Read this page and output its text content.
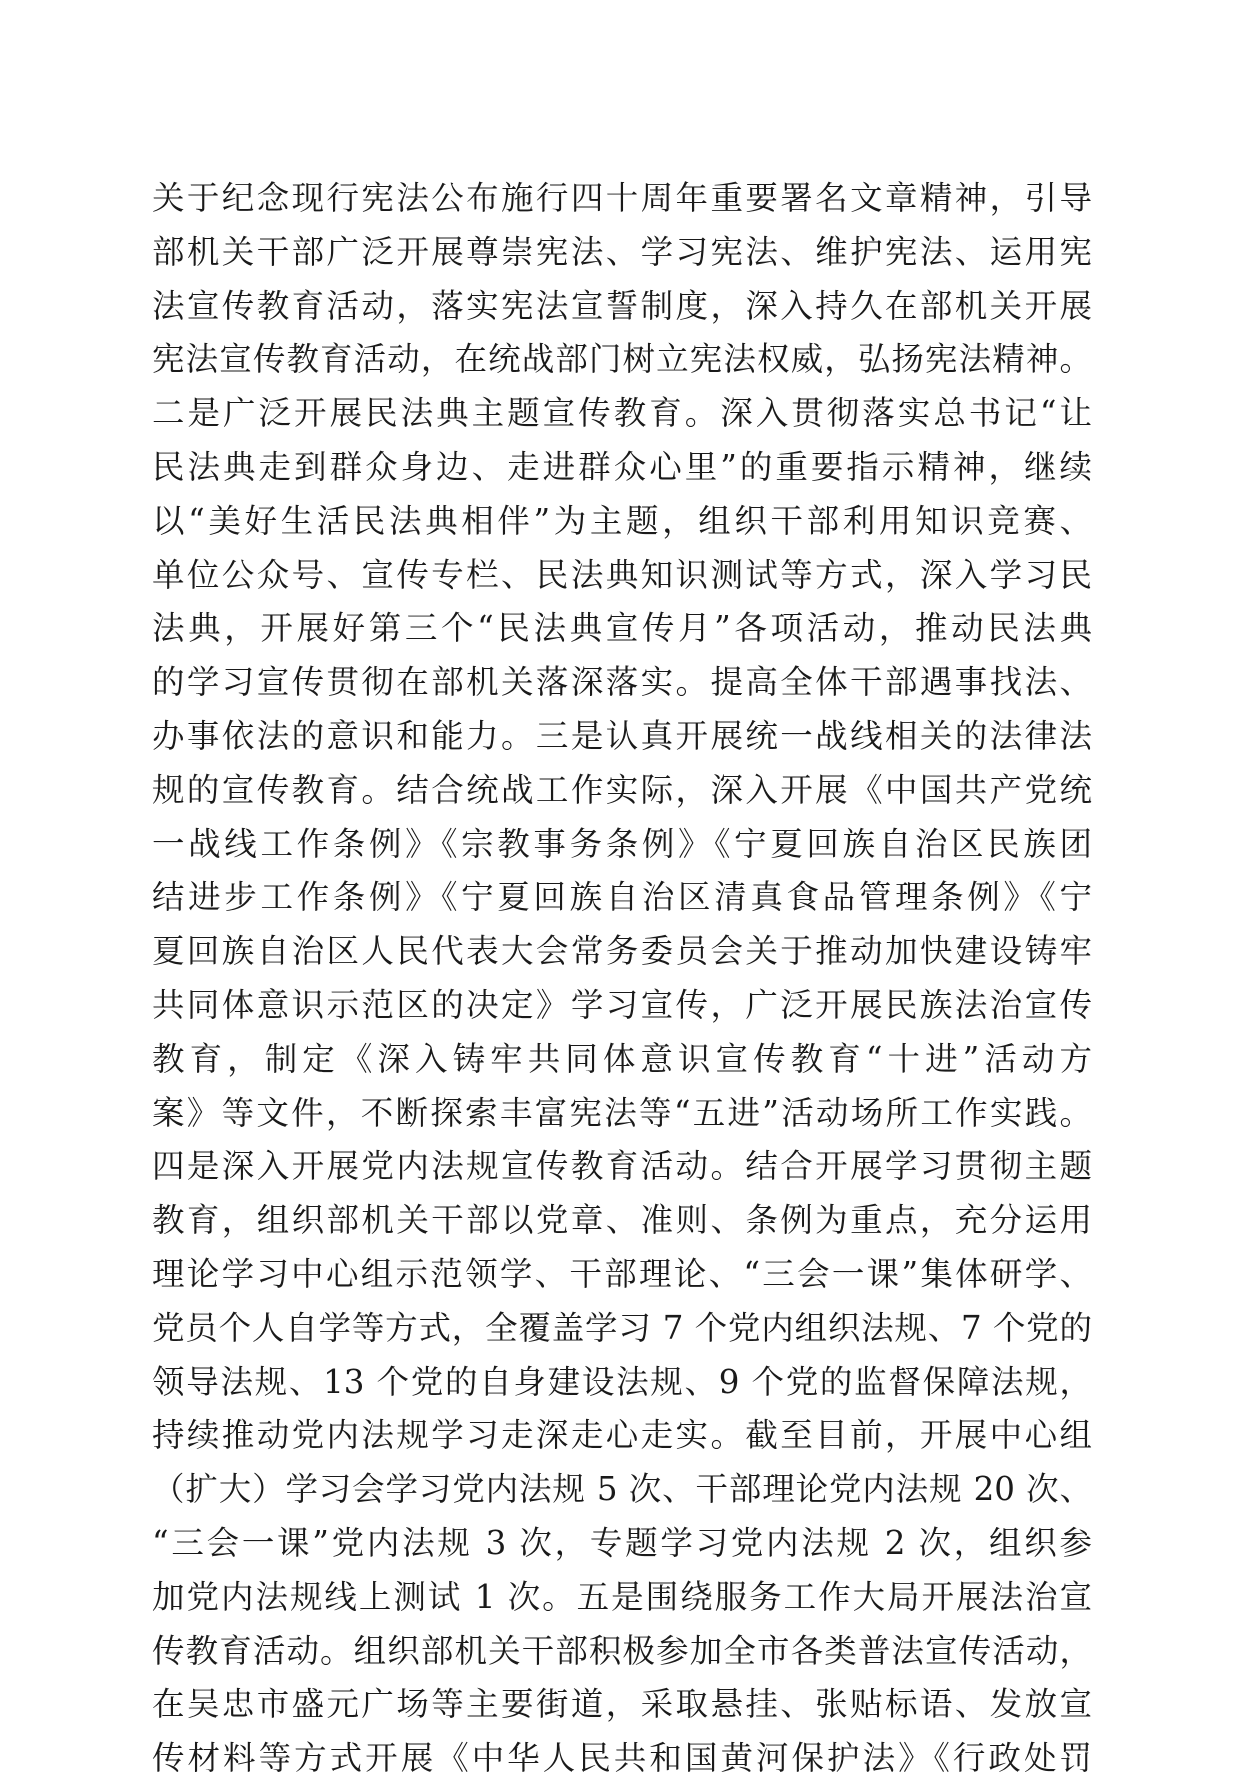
关于纪念现行宪法公布施行四十周年重要署名文章精神，引导
部机关干部广泛开展尊崇宪法、学习宪法、维护宪法、运用宪
法宣传教育活动，落实宪法宣誓制度，深入持久在部机关开展
宪法宣传教育活动，在统战部门树立宪法权威，弘扬宪法精神。
二是广泛开展民法典主题宣传教育。深入贯彻落实总书记“让
民法典走到群众身边、走进群众心里”的重要指示精神，继续
以“美好生活民法典相伴”为主题，组织干部利用知识竞赛、
单位公众号、宣传专栏、民法典知识测试等方式，深入学习民
法典，开展好第三个“民法典宣传月”各项活动，推动民法典
的学习宣传贯彻在部机关落深落实。提高全体干部遇事找法、
办事依法的意识和能力。三是认真开展统一战线相关的法律法
规的宣传教育。结合统战工作实际，深入开展《中国共产党统
一战线工作条例》《宗教事务条例》《宁夏回族自治区民族团
结进步工作条例》《宁夏回族自治区清真食品管理条例》《宁
夏回族自治区人民代表大会常务委员会关于推动加快建设铸牢
共同体意识示范区的决定》学习宣传，广泛开展民族法治宣传
教育，制定《深入铸牢共同体意识宣传教育“十进”活动方
案》等文件，不断探索丰富宪法等“五进”活动场所工作实践。
四是深入开展党内法规宣传教育活动。结合开展学习贯彻主题
教育，组织部机关干部以党章、准则、条例为重点，充分运用
理论学习中心组示范领学、干部理论、“三会一课”集体研学、
党员个人自学等方式，全覆盖学习 7 个党内组织法规、7 个党的
领导法规、13 个党的自身建设法规、9 个党的监督保障法规，
持续推动党内法规学习走深走心走实。截至目前，开展中心组
（扩大）学习会学习党内法规 5 次、干部理论党内法规 20 次、
“三会一课”党内法规 3 次，专题学习党内法规 2 次，组织参
加党内法规线上测试 1 次。五是围绕服务工作大局开展法治宣
传教育活动。组织部机关干部积极参加全市各类普法宣传活动，
在吴忠市盛元广场等主要街道，采取悬挂、张贴标语、发放宣
传材料等方式开展《中华人民共和国黄河保护法》《行政处罚
